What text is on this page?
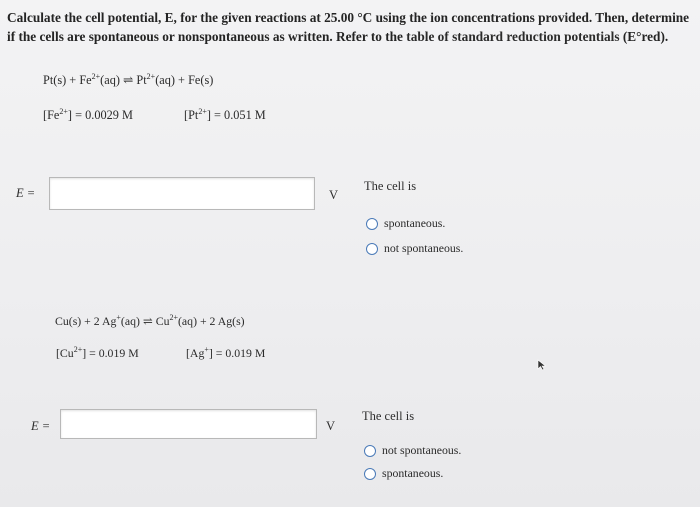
Calculate the cell potential, E, for the given reactions at 25.00 °C using the ion concentrations provided. Then, determine if the cells are spontaneous or nonspontaneous as written. Refer to the table of standard reduction potentials (E°red).
$Pt(s) + Fe^{2+}(aq)$ ⇌ $Pt^{2+}(aq) + Fe(s)$
$[Fe^{2+}] = 0.0029$ M	$[Pt^{2+}] = 0.051$ M
E =	V
The cell is
spontaneous.
not spontaneous.
Cu(s) + 2 Ag+(aq) ⇌ $Cu^{2+}(aq) + 2$ Ag(s)
$[Cu^{2+}] = 0.019$ M	[Ag+] = 0.019 M
E =	V
The cell is
not spontaneous.
spontaneous.
